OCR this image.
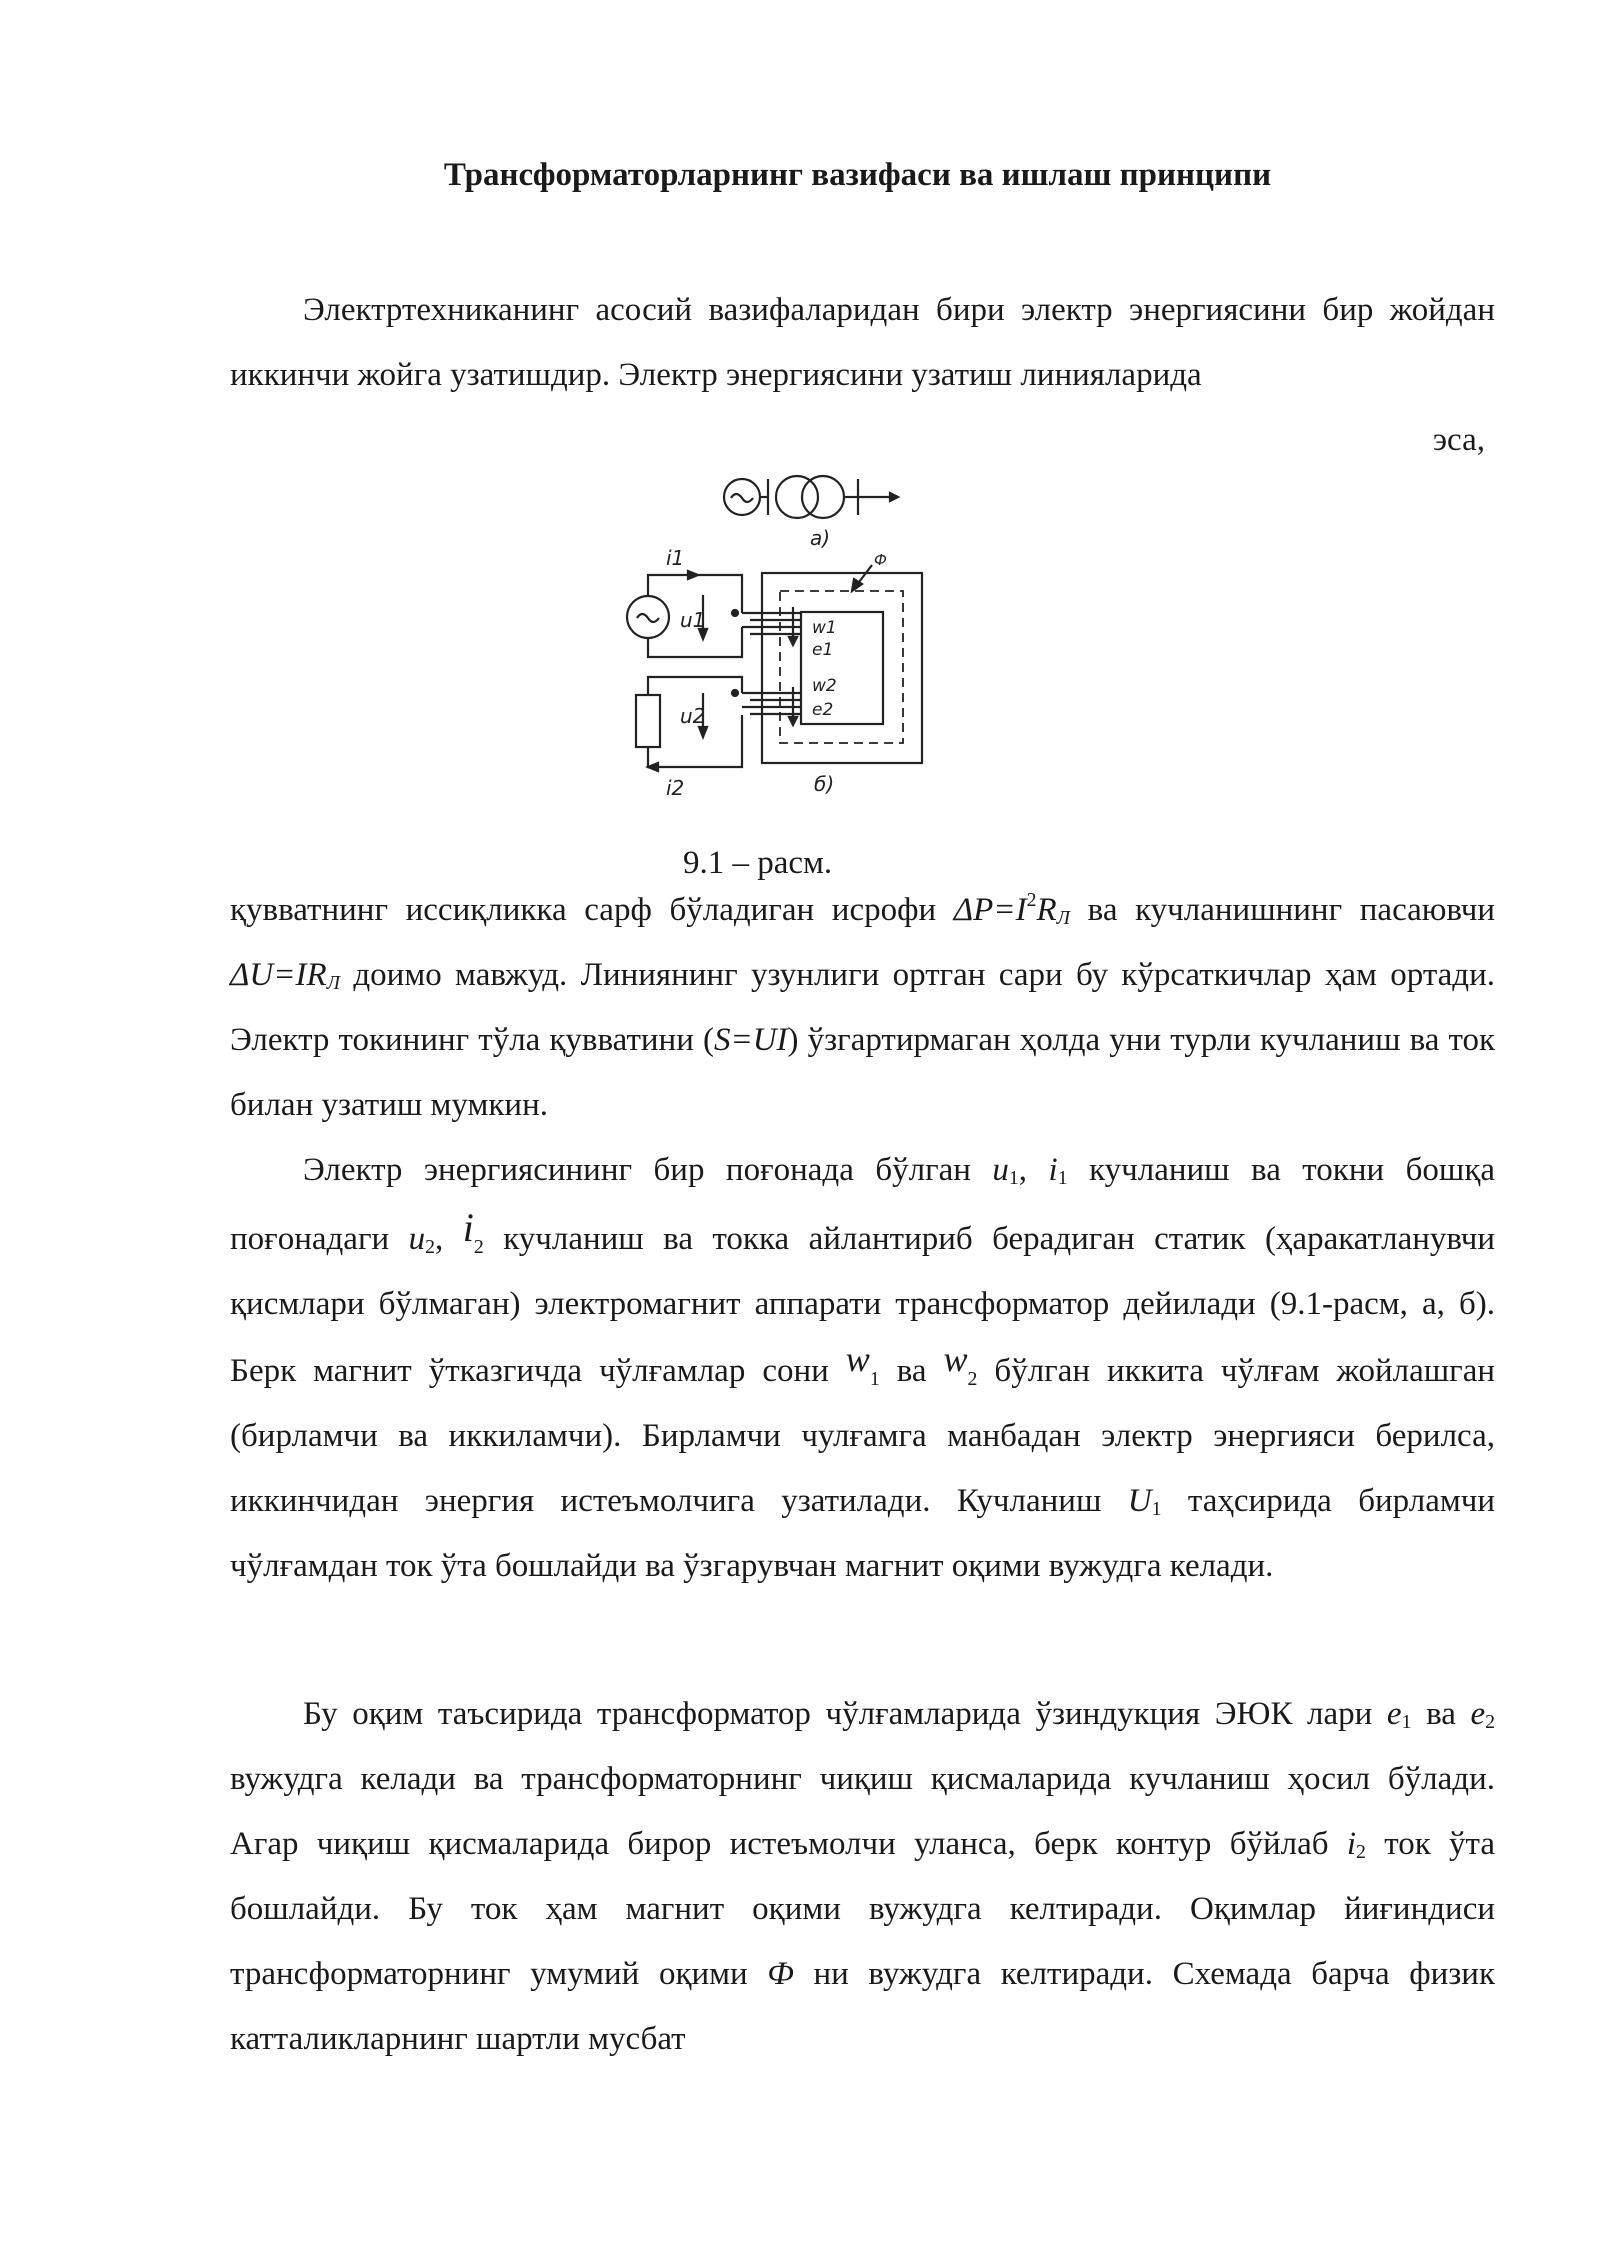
Трансформаторларнинг вазифаси ва ишлаш принципи
Электртехниканинг асосий вазифаларидан бири электр энергиясини бир жойдан иккинчи жойга узатишдир. Электр энергиясини узатиш линияларида
эса,
а)
б)
Ф
i1
u1	w1
e1
w2
e2
u2
i2
9.1 – расм.
қувватнинг иссиқликка сарф бўладиган исрофи $\Delta P=I^2R_Л$ ва кучланишнинг пасаювчи $\Delta U=IR_Л$ доимо мавжуд. Линиянинг узунлиги ортган сари бу кўрсаткичлар ҳам ортади. Электр токининг тўла қувватини (S=UI) ўзгартирмаган ҳолда уни турли кучланиш ва ток билан узатиш мумкин.
Электр энергиясининг бир поғонада бўлган $u_1$, $i_1$ кучланиш ва токни бошқа поғонадаги $u_2$, $i_2$ кучланиш ва токка айлантириб берадиган статик (ҳаракатланувчи қисмлари бўлмаган) электромагнит аппарати трансформатор дейилади (9.1-расм, а, б). Берк магнит ўтказгичда чўлғамлар сони $w_1$ ва $w_2$ бўлган иккита чўлғам жойлашган (бирламчи ва иккиламчи). Бирламчи чулғамга манбадан электр энергияси берилса, иккинчидан энергия истеъмолчига узатилади. Кучланиш $U_1$ таҳсирида бирламчи чўлғамдан ток ўта бошлайди ва ўзгарувчан магнит оқими вужудга келади.
Бу оқим таъсирида трансформатор чўлғамларида ўзиндукция ЭЮК лари $e_1$ ва $e_2$ вужудга келади ва трансформаторнинг чиқиш қисмаларида кучланиш ҳосил бўлади. Агар чиқиш қисмаларида бирор истеъмолчи уланса, берк контур бўйлаб $i_2$ ток ўта бошлайди. Бу ток ҳам магнит оқими вужудга келтиради. Оқимлар йиғиндиси трансформаторнинг умумий оқими Ф ни вужудга келтиради. Схемада барча физик катталикларнинг шартли мусбат
